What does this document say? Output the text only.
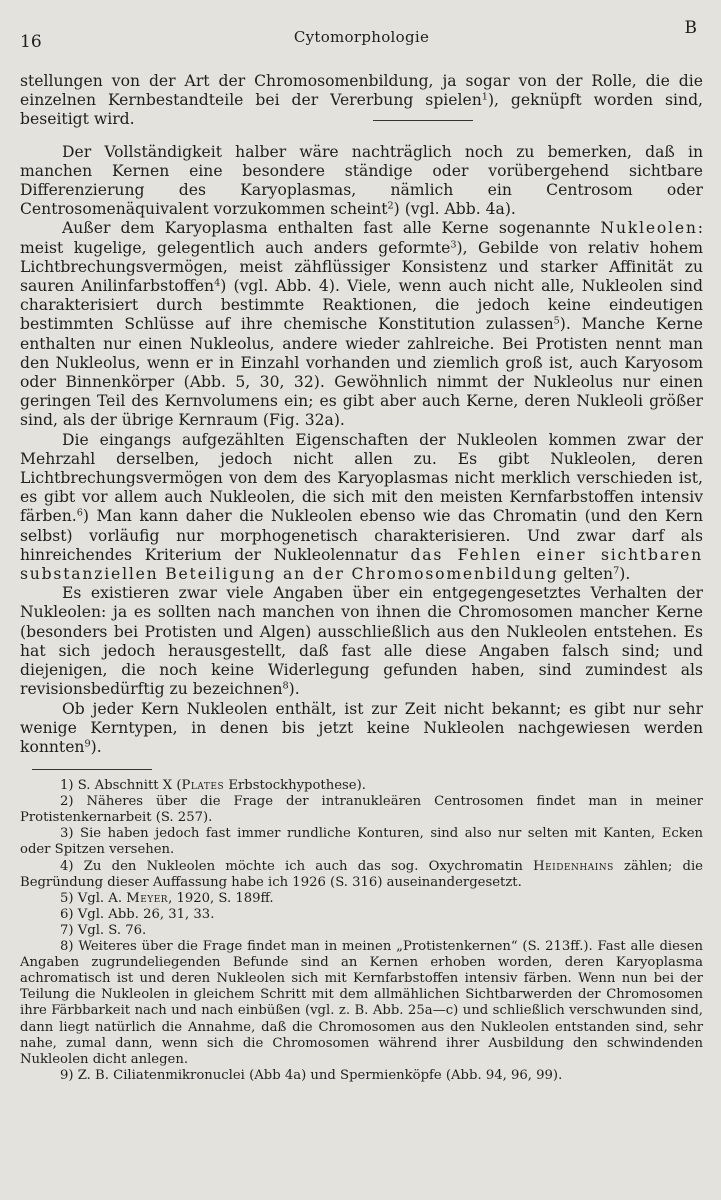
16	Cytomorphologie	B

stellungen von der Art der Chromosomenbildung, ja sogar von der Rolle, die die einzelnen Kernbestandteile bei der Vererbung spielen$^1$), geknüpft worden sind, beseitigt wird.

Der Vollständigkeit halber wäre nachträglich noch zu bemerken, daß in manchen Kernen eine besondere ständige oder vorübergehend sichtbare Differenzierung des Karyoplasmas, nämlich ein Centrosom oder Centrosomenäquivalent vorzukommen scheint$^2$) (vgl. Abb. 4a).

Außer dem Karyoplasma enthalten fast alle Kerne sogenannte Nukleolen: meist kugelige, gelegentlich auch anders geformte$^3$), Gebilde von relativ hohem Lichtbrechungsvermögen, meist zähflüssiger Konsistenz und starker Affinität zu sauren Anilinfarbstoffen$^4$) (vgl. Abb. 4). Viele, wenn auch nicht alle, Nukleolen sind charakterisiert durch bestimmte Reaktionen, die jedoch keine eindeutigen bestimmten Schlüsse auf ihre chemische Konstitution zulassen$^5$). Manche Kerne enthalten nur einen Nukleolus, andere wieder zahlreiche. Bei Protisten nennt man den Nukleolus, wenn er in Einzahl vorhanden und ziemlich groß ist, auch Karyosom oder Binnenkörper (Abb. 5, 30, 32). Gewöhnlich nimmt der Nukleolus nur einen geringen Teil des Kernvolumens ein; es gibt aber auch Kerne, deren Nukleoli größer sind, als der übrige Kernraum (Fig. 32a).

Die eingangs aufgezählten Eigenschaften der Nukleolen kommen zwar der Mehrzahl derselben, jedoch nicht allen zu. Es gibt Nukleolen, deren Lichtbrechungsvermögen von dem des Karyoplasmas nicht merklich verschieden ist, es gibt vor allem auch Nukleolen, die sich mit den meisten Kernfarbstoffen intensiv färben.$^6$) Man kann daher die Nukleolen ebenso wie das Chromatin (und den Kern selbst) vorläufig nur morphogenetisch charakterisieren. Und zwar darf als hinreichendes Kriterium der Nukleolennatur das Fehlen einer sichtbaren substanziellen Beteiligung an der Chromosomenbildung gelten$^7$).

Es existieren zwar viele Angaben über ein entgegengesetztes Verhalten der Nukleolen: ja es sollten nach manchen von ihnen die Chromosomen mancher Kerne (besonders bei Protisten und Algen) ausschließlich aus den Nukleolen entstehen. Es hat sich jedoch herausgestellt, daß fast alle diese Angaben falsch sind; und diejenigen, die noch keine Widerlegung gefunden haben, sind zumindest als revisionsbedürftig zu bezeichnen$^8$).

Ob jeder Kern Nukleolen enthält, ist zur Zeit nicht bekannt; es gibt nur sehr wenige Kerntypen, in denen bis jetzt keine Nukleolen nachgewiesen werden konnten$^9$).

1) S. Abschnitt X (Plates Erbstockhypothese).

2) Näheres über die Frage der intranukleären Centrosomen findet man in meiner Protistenkernarbeit (S. 257).

3) Sie haben jedoch fast immer rundliche Konturen, sind also nur selten mit Kanten, Ecken oder Spitzen versehen.

4) Zu den Nukleolen möchte ich auch das sog. Oxychromatin Heidenhains zählen; die Begründung dieser Auffassung habe ich 1926 (S. 316) auseinandergesetzt.

5) Vgl. A. Meyer, 1920, S. 189ff.

6) Vgl. Abb. 26, 31, 33.

7) Vgl. S. 76.

8) Weiteres über die Frage findet man in meinen „Protistenkernen“ (S. 213ff.). Fast alle diesen Angaben zugrundeliegenden Befunde sind an Kernen erhoben worden, deren Karyoplasma achromatisch ist und deren Nukleolen sich mit Kernfarbstoffen intensiv färben. Wenn nun bei der Teilung die Nukleolen in gleichem Schritt mit dem allmählichen Sichtbarwerden der Chromosomen ihre Färbbarkeit nach und nach einbüßen (vgl. z. B. Abb. 25a—c) und schließlich verschwunden sind, dann liegt natürlich die Annahme, daß die Chromosomen aus den Nukleolen entstanden sind, sehr nahe, zumal dann, wenn sich die Chromosomen während ihrer Ausbildung den schwindenden Nukleolen dicht anlegen.

9) Z. B. Ciliatenmikronuclei (Abb 4a) und Spermienköpfe (Abb. 94, 96, 99).
